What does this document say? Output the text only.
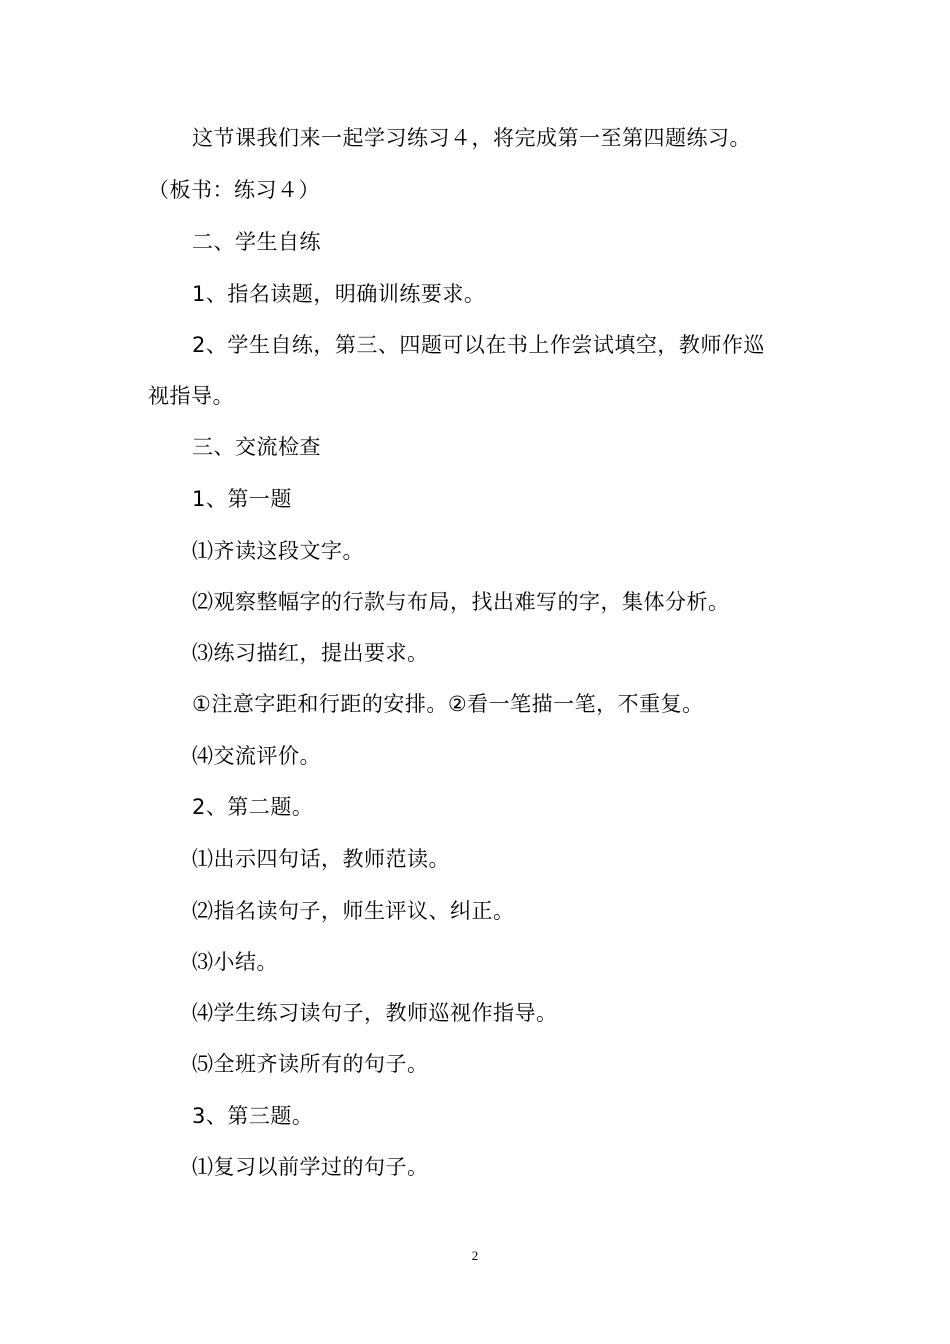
这节课我们来一起学习练习４，将完成第一至第四题练习。
（板书：练习４）
二、学生自练
1、指名读题，明确训练要求。
2、学生自练，第三、四题可以在书上作尝试填空，教师作巡
视指导。
三、交流检查
1、第一题
⑴齐读这段文字。
⑵观察整幅字的行款与布局，找出难写的字，集体分析。
⑶练习描红，提出要求。
①注意字距和行距的安排。②看一笔描一笔，不重复。
⑷交流评价。
2、第二题。
⑴出示四句话，教师范读。
⑵指名读句子，师生评议、纠正。
⑶小结。
⑷学生练习读句子，教师巡视作指导。
⑸全班齐读所有的句子。
3、第三题。
⑴复习以前学过的句子。
2
